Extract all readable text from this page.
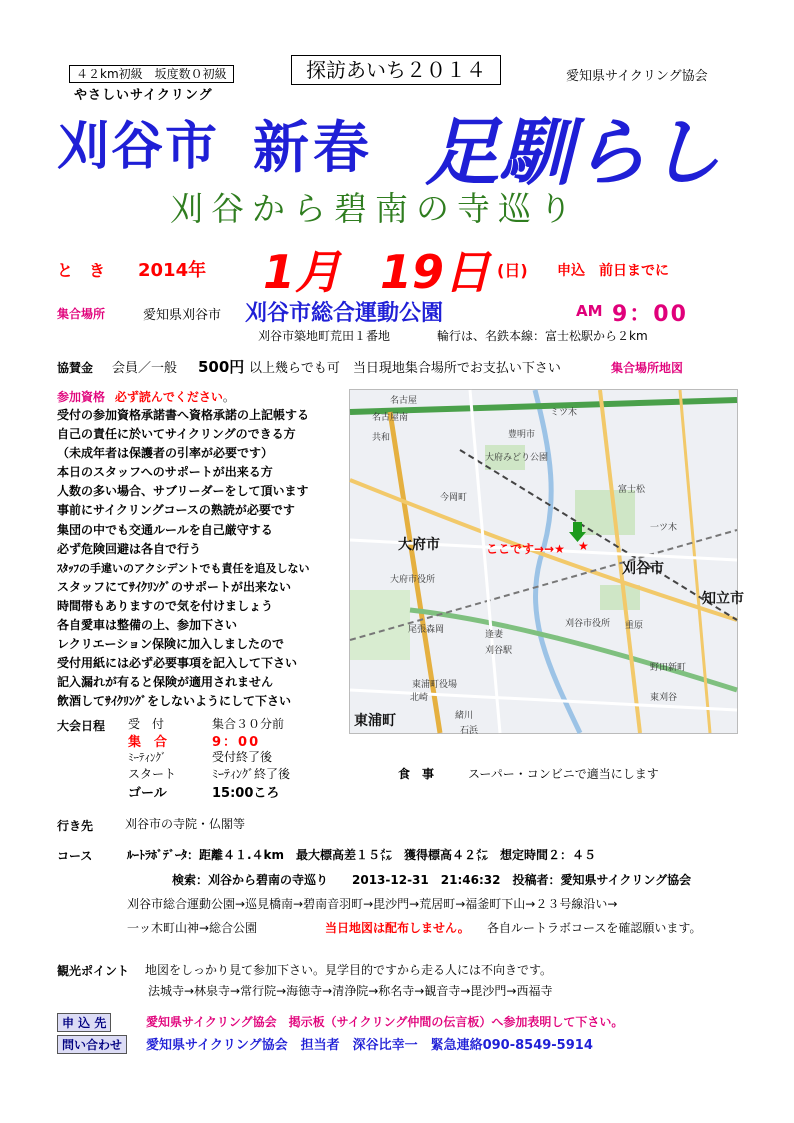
４２km初級　坂度数０初級
やさしいサイクリング
探訪あいち２０１４	愛知県サイクリング協会
刈谷市 新春 足馴らし
刈谷から碧南の寺巡り
と　き 2014年 1月 19日 (日) 申込　前日までに
集合場所	愛知県刈谷市 刈谷市総合運動公園	AM 9：00
刈谷市築地町荒田１番地	輪行は、名鉄本線：富士松駅から２km
協賛金 会員／一般 500円 以上幾らでも可　当日現地集合場所でお支払い下さい	集合場所地図
参加資格 必ず読んでください。
受付の参加資格承諾書へ資格承諾の上記帳する
自己の責任に於いてサイクリングのできる方
（未成年者は保護者の引率が必要です）
本日のスタッフへのサポートが出来る方
人数の多い場合、サブリーダーをして頂います
事前にサイクリングコースの熟読が必要です
集団の中でも交通ルールを自己厳守する
必ず危険回避は各自で行う
ｽﾀｯﾌの手違いのアクシデントでも責任を追及しない
スタッフにてｻｲｸﾘﾝｸﾞのサポートが出来ない
時間帯もありますので気を付けましょう
各自愛車は整備の上、参加下さい
レクリエーション保険に加入しましたので
受付用紙には必ず必要事項を記入して下さい
記入漏れが有ると保険が適用されません
飲酒してｻｲｸﾘﾝｸﾞをしないようにして下さい
★
名古屋南
名古屋
豊明市
大府みどり公園
富士松
一ツ木
刈谷市役所
大府市役所
逢妻
刈谷駅
東浦町役場
ミツ木
今岡町
重原
野田新町
北崎
共和
尾張森岡
石浜
東刈谷
緒川
大府市
刈谷市
東浦町
知立市
ここです→→★
大会日程 受　付	集合３０分前
集　合	9：00
ﾐｰﾃｨﾝｸﾞ	受付終了後
スタート	ﾐｰﾃｨﾝｸﾞ終了後
ゴール	15:00ころ
食　事	スーパー・コンビニで適当にします
行き先	刈谷市の寺院・仏閣等
コース	ﾙｰﾄﾗﾎﾞﾃﾞｰﾀ：距離４１.４km　最大標高差１５㍍　獲得標高４２㍍　想定時間２：４５
検索：刈谷から碧南の寺巡り　　2013-12-31　21:46:32　投稿者：愛知県サイクリング協会
刈谷市総合運動公園→巡見橋南→碧南音羽町→毘沙門→荒居町→福釜町下山→２３号線沿い→
一ッ木町山神→総合公園	当日地図は配布しません。 各自ルートラボコースを確認願います。
観光ポイント 地図をしっかり見て参加下さい。見学目的ですから走る人には不向きです。
法城寺→林泉寺→常行院→海徳寺→清浄院→称名寺→観音寺→毘沙門→西福寺
申 込 先	愛知県サイクリング協会　掲示板（サイクリング仲間の伝言板）へ参加表明して下さい。
問い合わせ	愛知県サイクリング協会　担当者　深谷比幸一　緊急連絡090-8549-5914
